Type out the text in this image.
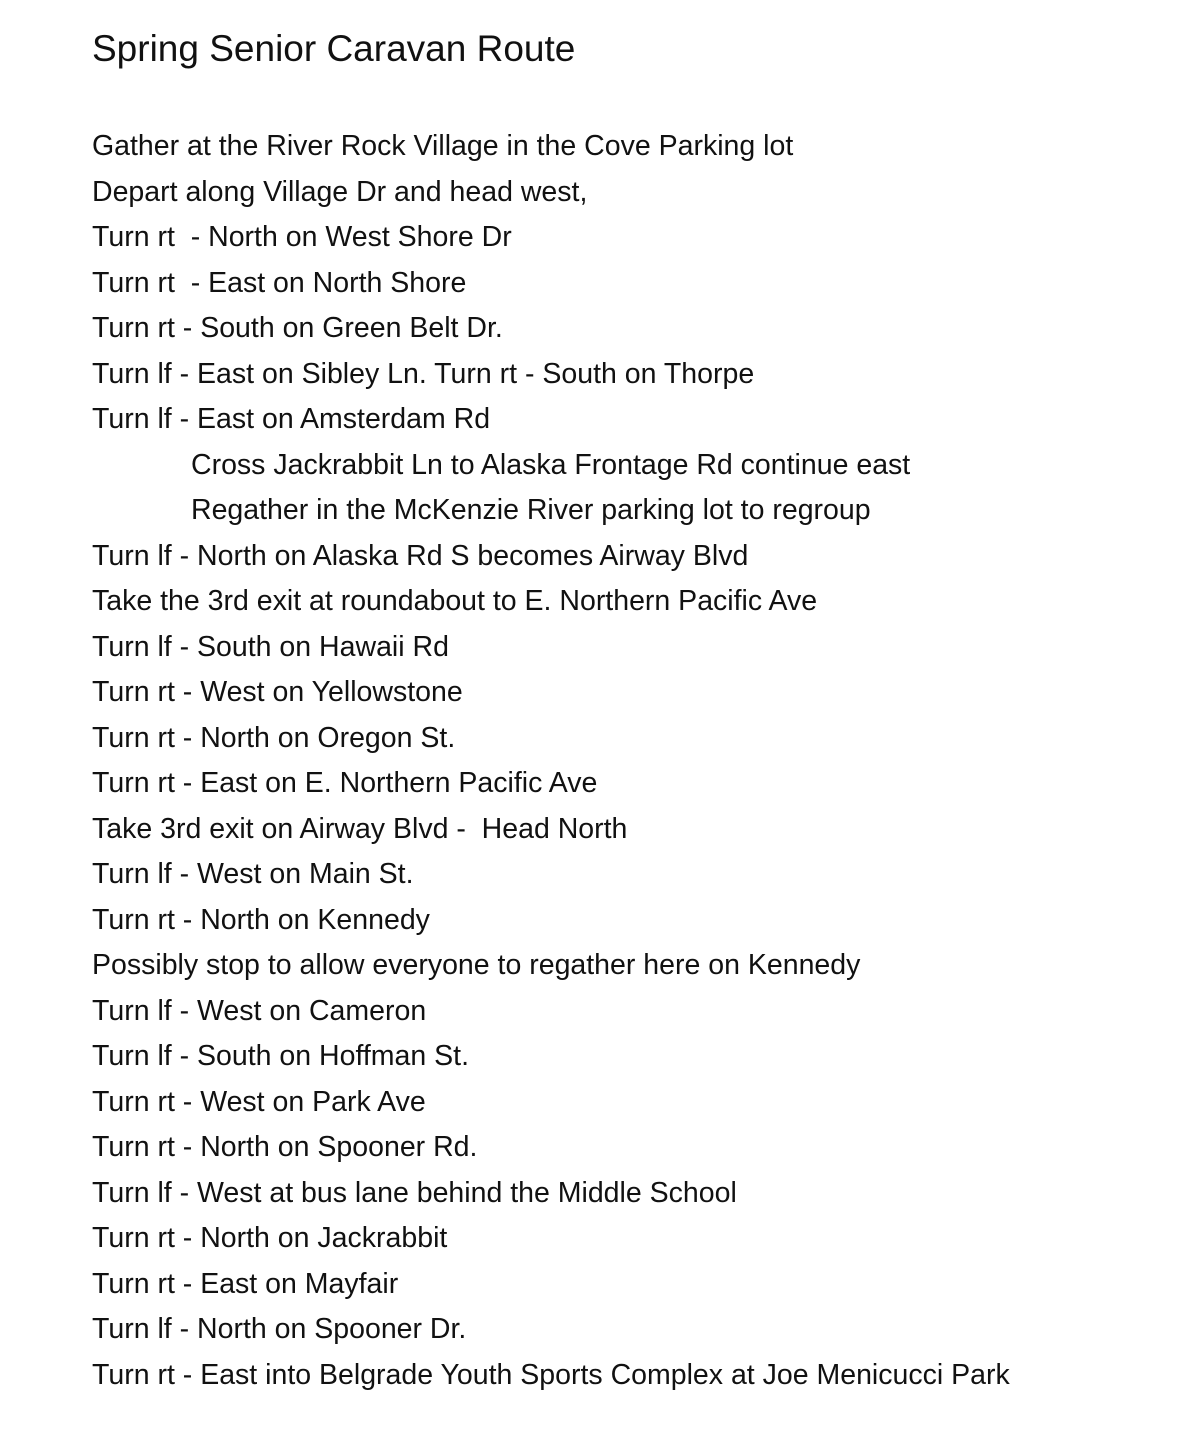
Spring Senior Caravan Route
Gather at the River Rock Village in the Cove Parking lot
Depart along Village Dr and head west,
Turn rt  - North on West Shore Dr
Turn rt  - East on North Shore
Turn rt - South on Green Belt Dr.
Turn lf - East on Sibley Ln. Turn rt - South on Thorpe
Turn lf - East on Amsterdam Rd
Cross Jackrabbit Ln to Alaska Frontage Rd continue east
Regather in the McKenzie River parking lot to regroup
Turn lf - North on Alaska Rd S becomes Airway Blvd
Take the 3rd exit at roundabout to E. Northern Pacific Ave
Turn lf - South on Hawaii Rd
Turn rt - West on Yellowstone
Turn rt - North on Oregon St.
Turn rt - East on E. Northern Pacific Ave
Take 3rd exit on Airway Blvd -  Head North
Turn lf - West on Main St.
Turn rt - North on Kennedy
Possibly stop to allow everyone to regather here on Kennedy
Turn lf - West on Cameron
Turn lf - South on Hoffman St.
Turn rt - West on Park Ave
Turn rt - North on Spooner Rd.
Turn lf - West at bus lane behind the Middle School
Turn rt - North on Jackrabbit
Turn rt - East on Mayfair
Turn lf - North on Spooner Dr.
Turn rt - East into Belgrade Youth Sports Complex at Joe Menicucci Park
